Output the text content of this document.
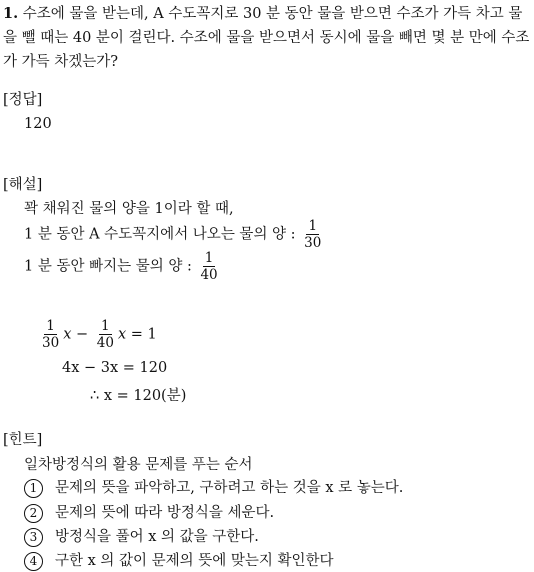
1. 수조에 물을 받는데, A 수도꼭지로 30 분 동안 물을 받으면 수조가 가득 차고 물을 뺄 때는 40 분이 걸린다. 수조에 물을 받으면서 동시에 물을 빼면 몇 분 만에 수조가 가득 차겠는가?
[정답]
120
[해설]
꽉 채워진 물의 양을 1이라 할 때,
1 분 동안 A 수도꼭지에서 나오는 물의 양 : $\frac{1}{30}$
1 분 동안 빠지는 물의 양 : $\frac{1}{40}$
$\frac{1}{30}$ $x - \frac{1}{40}$ x = 1
4x − 3x = 120
∴ x = 120(분)
[힌트]
일차방정식의 활용 문제를 푸는 순서
1 문제의 뜻을 파악하고, 구하려고 하는 것을 x 로 놓는다.
2 문제의 뜻에 따라 방정식을 세운다.
3 방정식을 풀어 x 의 값을 구한다.
4 구한 x 의 값이 문제의 뜻에 맞는지 확인한다
